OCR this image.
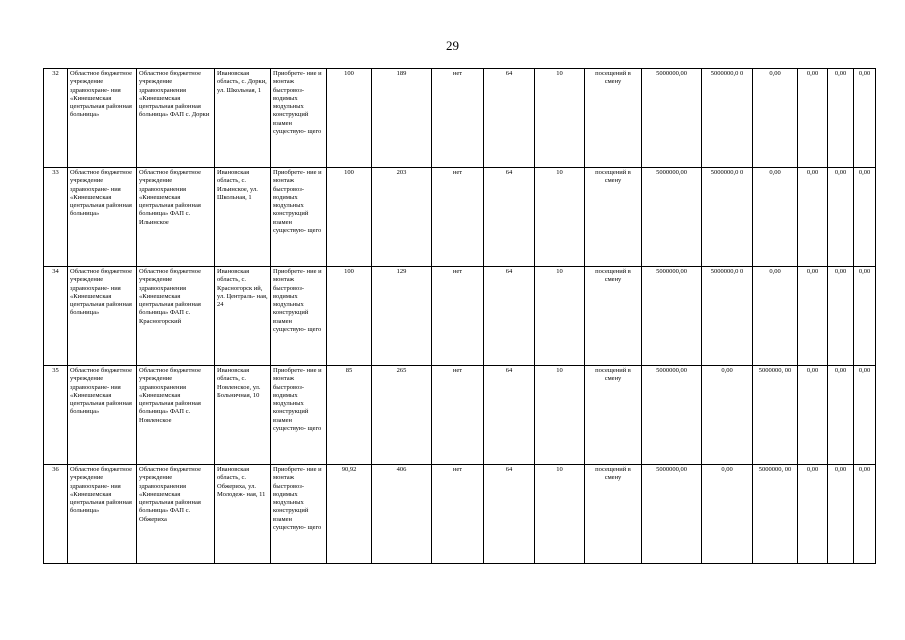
29
32	Областное бюджетное учреждение здравоохране- ния «Кинешемская центральная районная больница»	Областное бюджетное учреждение здравоохранения «Кинешемская центральная районная больница» ФАП с. Дорки	Ивановская область, с. Дорки, ул. Школьная, 1	Приобрете- ние и монтаж быстровоз- водимых модульных конструкций взамен существую- щего	100	189	нет	64	10	посещений в смену	5000000,00	5000000,0 0	0,00	0,00	0,00	0,00
33	Областное бюджетное учреждение здравоохране- ния «Кинешемская центральная районная больница»	Областное бюджетное учреждение здравоохранения «Кинешемская центральная районная больница» ФАП с. Ильинское	Ивановская область, с. Ильинское, ул. Школьная, 1	Приобрете- ние и монтаж быстровоз- водимых модульных конструкций взамен существую- щего	100	203	нет	64	10	посещений в смену	5000000,00	5000000,0 0	0,00	0,00	0,00	0,00
34	Областное бюджетное учреждение здравоохране- ния «Кинешемская центральная районная больница»	Областное бюджетное учреждение здравоохранения «Кинешемская центральная районная больница» ФАП с. Красногорский	Ивановская область, с. Красногорск ий, ул. Централь- ная, 24	Приобрете- ние и монтаж быстровоз- водимых модульных конструкций взамен существую- щего	100	129	нет	64	10	посещений в смену	5000000,00	5000000,0 0	0,00	0,00	0,00	0,00
35	Областное бюджетное учреждение здравоохране- ния «Кинешемская центральная районная больница»	Областное бюджетное учреждение здравоохранения «Кинешемская центральная районная больница» ФАП с. Новленское	Ивановская область, с. Новленское, ул. Больничная, 10	Приобрете- ние и монтаж быстровоз- водимых модульных конструкций взамен существую- щего	85	265	нет	64	10	посещений в смену	5000000,00	0,00	5000000, 00	0,00	0,00	0,00
36	Областное бюджетное учреждение здравоохране- ния «Кинешемская центральная районная больница»	Областное бюджетное учреждение здравоохранения «Кинешемская центральная районная больница» ФАП с. Обжериха	Ивановская область, с. Обжериха, ул. Молодеж- ная, 11	Приобрете- ние и монтаж быстровоз- водимых модульных конструкций взамен существую- щего	90,92	406	нет	64	10	посещений в смену	5000000,00	0,00	5000000, 00	0,00	0,00	0,00
